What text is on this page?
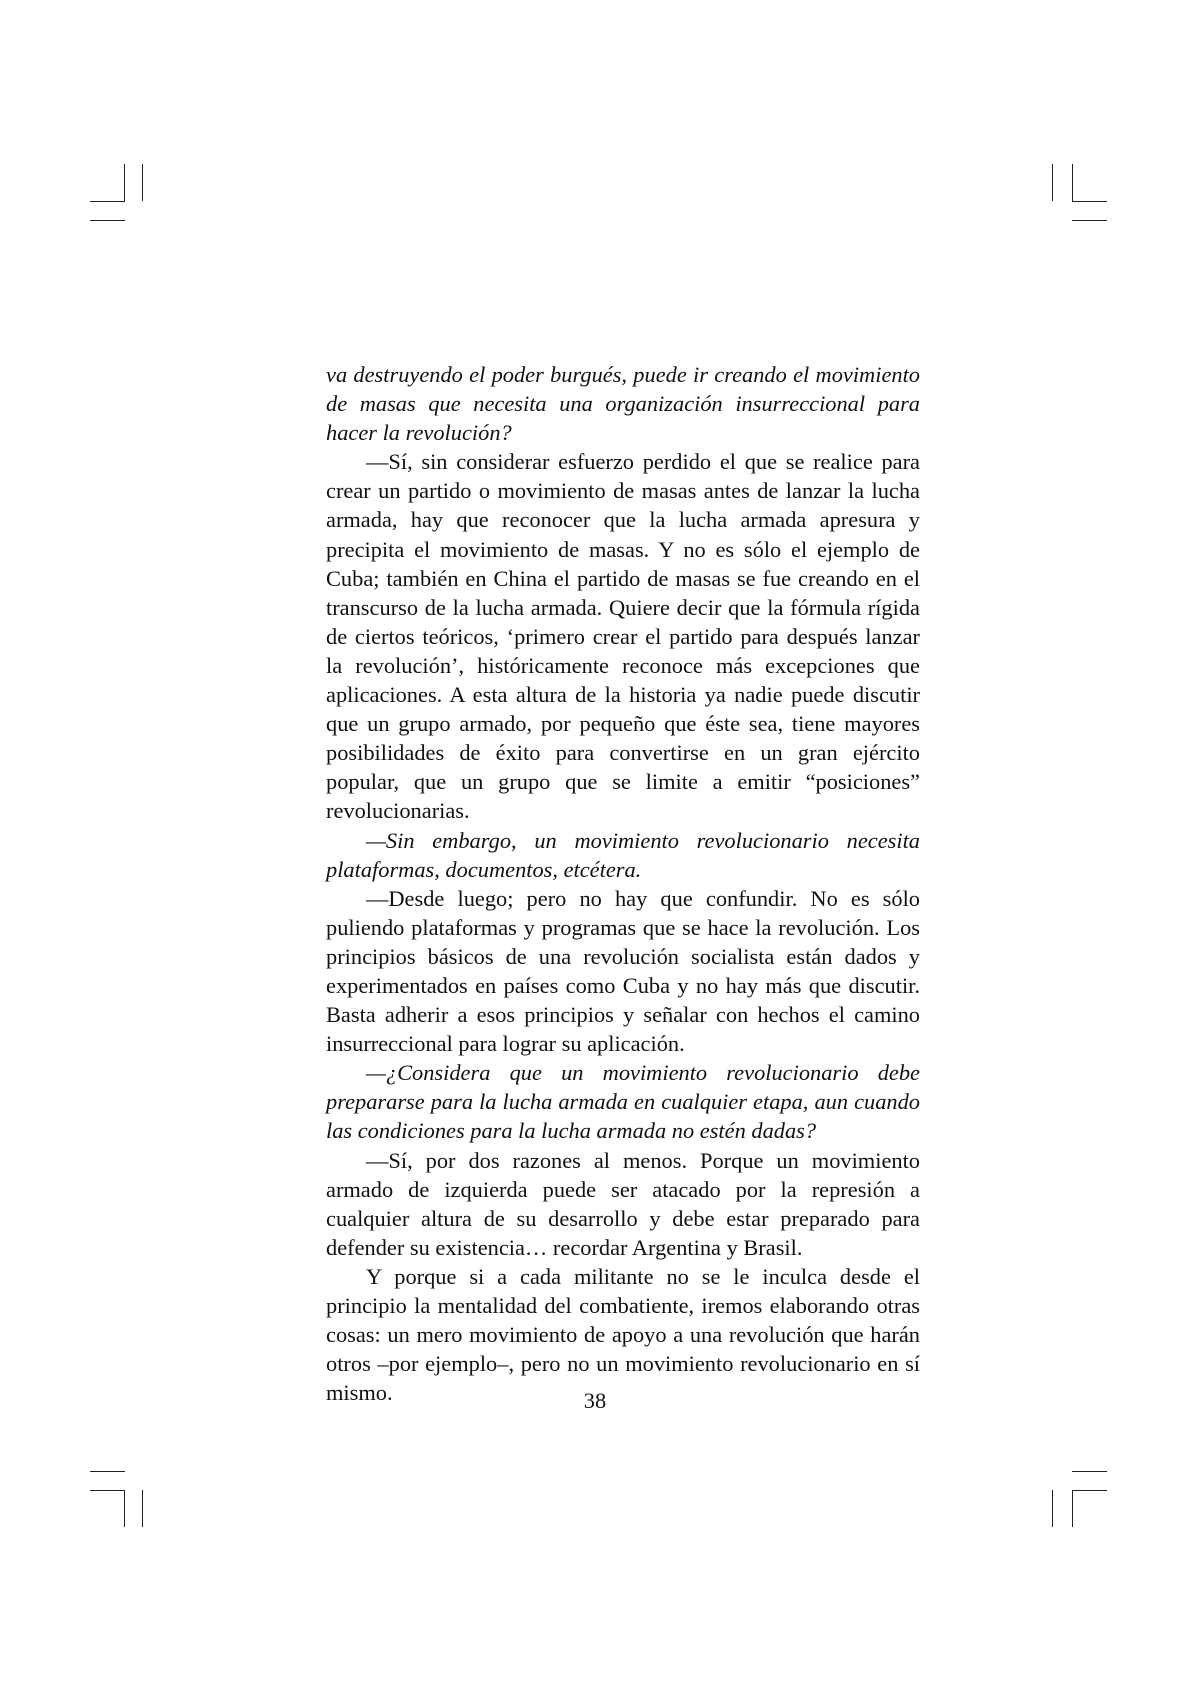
va destruyendo el poder burgués, puede ir creando el movimiento de masas que necesita una organización insurreccional para hacer la revolución?

—Sí, sin considerar esfuerzo perdido el que se realice para crear un partido o movimiento de masas antes de lanzar la lucha armada, hay que reconocer que la lucha armada apresura y precipita el movimiento de masas. Y no es sólo el ejemplo de Cuba; también en China el partido de masas se fue creando en el transcurso de la lucha armada. Quiere decir que la fórmula rígida de ciertos teóricos, ‘primero crear el partido para después lanzar la revolución’, históricamente reconoce más excepciones que aplicaciones. A esta altura de la historia ya nadie puede discutir que un grupo armado, por pequeño que éste sea, tiene mayores posibilidades de éxito para convertirse en un gran ejército popular, que un grupo que se limite a emitir “posiciones” revolucionarias.

—Sin embargo, un movimiento revolucionario necesita plataformas, documentos, etcétera.

—Desde luego; pero no hay que confundir. No es sólo puliendo plataformas y programas que se hace la revolución. Los principios básicos de una revolución socialista están dados y experimentados en países como Cuba y no hay más que discutir. Basta adherir a esos principios y señalar con hechos el camino insurreccional para lograr su aplicación.

—¿Considera que un movimiento revolucionario debe prepararse para la lucha armada en cualquier etapa, aun cuando las condiciones para la lucha armada no estén dadas?

—Sí, por dos razones al menos. Porque un movimiento armado de izquierda puede ser atacado por la represión a cualquier altura de su desarrollo y debe estar preparado para defender su existencia… recordar Argentina y Brasil.

Y porque si a cada militante no se le inculca desde el principio la mentalidad del combatiente, iremos elaborando otras cosas: un mero movimiento de apoyo a una revolución que harán otros –por ejemplo–, pero no un movimiento revolucionario en sí mismo.	38
